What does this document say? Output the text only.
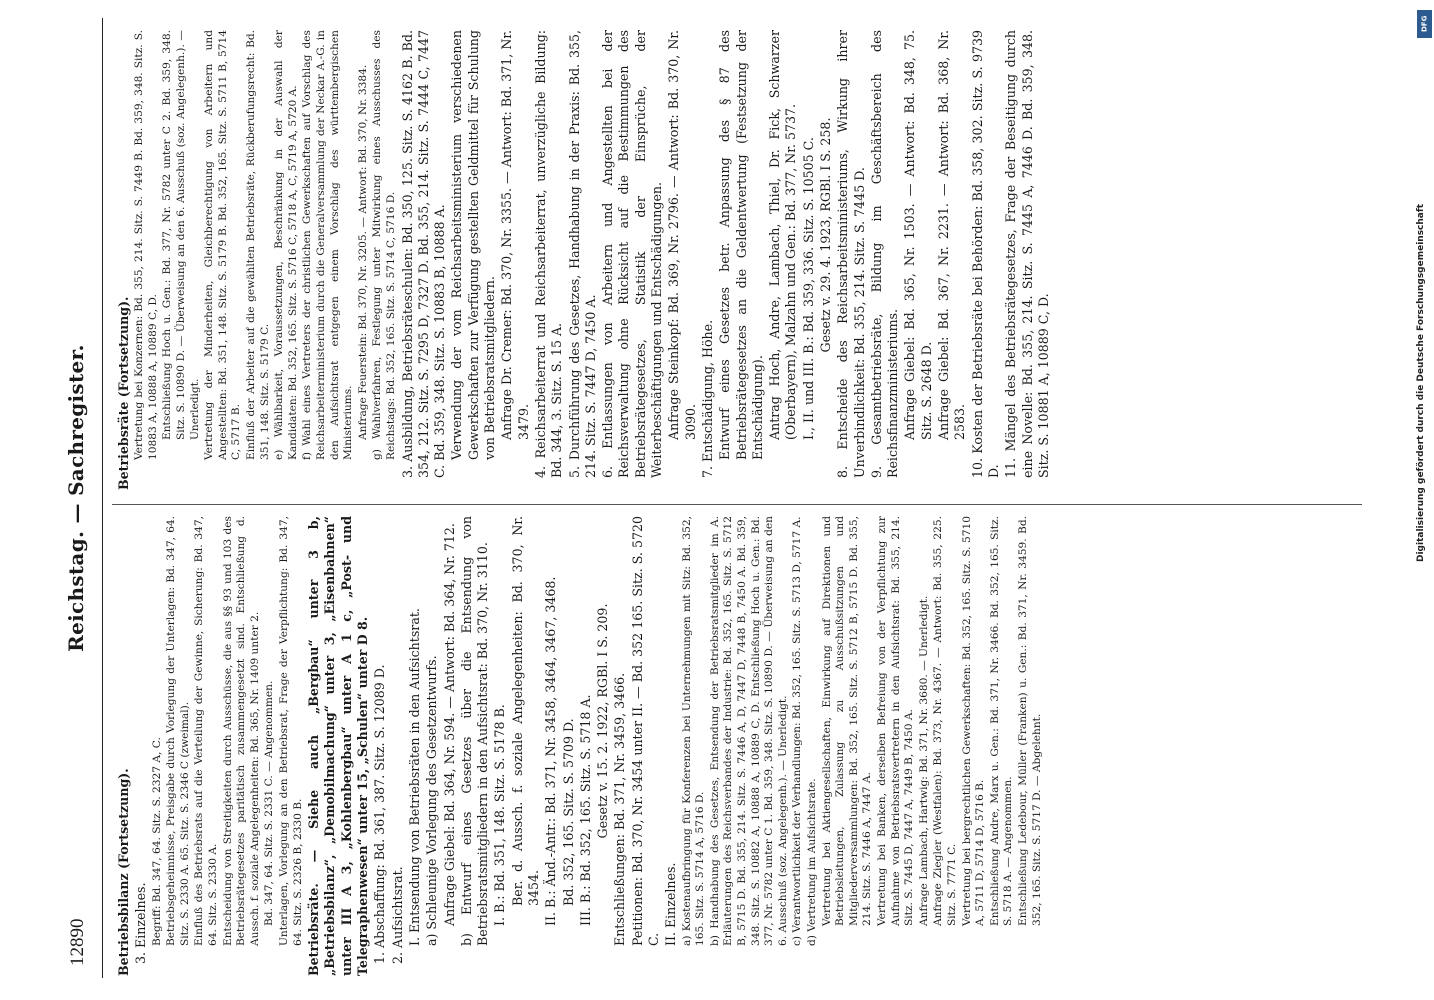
12890
Reichstag. — Sachregister.

Betriebsbilanz (Fortsetzung). 3. Einzelnes. Begriff: Bd. 347, 64. Sitz. S. 2327 A, C. Betriebsgeheimnisse, Preisgabe durch Vorlegung der Unterlagen: Bd. 347, 64. Sitz. S. 2330 A. 65. Sitz. S. 2346 C (zweimal). Einfluß des Betriebsrats auf die Verteilung der Gewinne, Sicherung: Bd. 347, 64. Sitz. S. 2330 A. Entscheidung von Streitigkeiten durch Ausschüsse, die aus §§ 93 und 103 des Betriebsrätegesetzes paritätisch zusammengesetzt sind. Entschließung d. Aussch. f. soziale Angelegenheiten: Bd. 365, Nr. 1409 unter 2. Bd. 347, 64. Sitz. S. 2331 C. — Angenommen. Unterlagen, Vorlegung an den Betriebsrat, Frage der Verpflichtung: Bd. 347, 64. Sitz. S. 2326 B, 2330 B. Betriebsräte. — Siehe auch „Bergbau“ unter 3 b, „Betriebsbilanz“, „Demobilmachung“ unter 3, „Eisenbahnen“ unter III A 3, „Kohlenbergbau“ unter A 1 c, „Post- und Telegraphenwesen“ unter 15, „Schulen“ unter D 8. 1. Abschaffung: Bd. 361, 387. Sitz. S. 12089 D. 2. Aufsichtsrat. I. Entsendung von Betriebsräten in den Aufsichtsrat. a) Schleunige Vorlegung des Gesetzentwurfs. Anfrage Giebel: Bd. 364, Nr. 594. — Antwort: Bd. 364, Nr. 712. b) Entwurf eines Gesetzes über die Entsendung von Betriebsratsmitgliedern in den Aufsichtsrat: Bd. 370, Nr. 3110. I. B.: Bd. 351, 148. Sitz. S. 5178 B. Ber. d. Aussch. f. soziale Angelegenheiten: Bd. 370, Nr. 3454. II. B.: Änd.-Antr.: Bd. 371, Nr. 3458, 3464, 3467, 3468. Bd. 352, 165. Sitz. S. 5709 D. III. B.: Bd. 352, 165. Sitz. S. 5718 A. Gesetz v. 15. 2. 1922, RGBl. I S. 209. Entschließungen: Bd. 371, Nr. 3459, 3466. Petitionen: Bd. 370, Nr. 3454 unter II. — Bd. 352 165. Sitz. S. 5720 C. II. Einzelnes. a) Kostenaufbringung für Konferenzen bei Unternehmungen mit Sitz: Bd. 352, 165. Sitz. S. 5714 A, 5716 D. b) Handhabung des Gesetzes, Entsendung der Betriebsratsmitglieder im A. Erläuterungen des Reichsverbandes der Industrie: Bd. 352, 165. Sitz. S. 5712 B, 5715 D. Bd. 355, 214. Sitz. S. 7446 A, D, 7447 D, 7448 B, 7450 A. Bd. 359, 348. Sitz. S. 10882 A, 10888 A, 10889 C, D. Entschließung Hoch u. Gen.: Bd. 377, Nr. 5782 unter C 1. Bd. 359, 348. Sitz. S. 10890 D. — Überweisung an den 6. Ausschuß (soz. Angelegenh.). — Unerledigt. c) Verantwortlichkeit der Verhandlungen: Bd. 352, 165. Sitz. S. 5713 D, 5717 A. d) Vertretung im Aufsichtsrate. Vertretung bei Aktiengesellschaften, Einwirkung auf Direktionen und Betriebsleitungen, Zulassung zu Ausschußsitzungen und Mitgliederversammlungen: Bd. 352, 165. Sitz. S. 5712 B, 5715 D. Bd. 355, 214. Sitz. S. 7446 A, 7447 A. Vertretung bei Banken, derselben Befreiung von der Verpflichtung zur Aufnahme von Betriebsratsvertretern in den Aufsichtsrat: Bd. 355, 214. Sitz. S. 7445 D, 7447 A, 7449 B, 7450 A. Anfrage Lambach, Hartwig: Bd. 371, Nr. 3680. — Unerledigt. Anfrage Ziegler (Westfalen): Bd. 373, Nr. 4367. — Antwort: Bd. 355, 225. Sitz. S. 7771 C. Vertretung bei bergrechtlichen Gewerkschaften: Bd. 352, 165. Sitz. S. 5710 A, 5711 D, 5714 D, 5716 B. Entschließung Andre, Marx u. Gen.: Bd. 371, Nr. 3466. Bd. 352, 165. Sitz. S. 5718 A. — Angenommen. Entschließung Ledebour, Müller (Franken) u. Gen.: Bd. 371, Nr. 3459. Bd. 352, 165. Sitz. S. 5717 D. — Abgelehnt.

Betriebsräte (Fortsetzung). Vertretung bei Konzernen: Bd. 355, 214. Sitz. S. 7449 B. Bd. 359, 348. Sitz. S. 10883 A, 10888 A, 10889 C, D. Entschließung Hoch u. Gen.: Bd. 377, Nr. 5782 unter C 2. Bd. 359, 348. Sitz. S. 10890 D. — Überweisung an den 6. Ausschuß (soz. Angelegenh.). — Unerledigt. Vertretung der Minderheiten, Gleichberechtigung von Arbeitern und Angestellten: Bd. 351, 148. Sitz. S. 5179 B. Bd. 352, 165. Sitz. S. 5711 B, 5714 C, 5717 B. Einfluß der Arbeiter auf die gewählten Betriebsräte, Rückberufungsrecht: Bd. 351, 148. Sitz. S. 5179 C. e) Wählbarkeit, Voraussetzungen, Beschränkung in der Auswahl der Kandidaten: Bd. 352, 165. Sitz. S. 5716 C, 5718 A, C, 5719 A, 5720 A. f) Wahl eines Vertreters der christlichen Gewerkschaften auf Vorschlag des Reichsarbeiterministerium durch die Generalversammlung der Neckar A.-G. in den Aufsichtsrat entgegen einem Vorschlag des württembergischen Ministeriums. Anfrage Feuerstein: Bd. 370, Nr. 3205. — Antwort: Bd. 370, Nr. 3384. g) Wahlverfahren, Festlegung unter Mitwirkung eines Ausschusses des Reichstags: Bd. 352, 165. Sitz. S. 5714 C, 5716 D. 3. Ausbildung, Betriebsräteschulen: Bd. 350, 125. Sitz. S. 4162 B. Bd. 354, 212. Sitz. S. 7295 D, 7327 D. Bd. 355, 214. Sitz. S. 7444 C, 7447 C. Bd. 359, 348. Sitz. S. 10883 B, 10888 A. Verwendung der vom Reichsarbeitsministerium verschiedenen Gewerkschaften zur Verfügung gestellten Geldmittel für Schulung von Betriebsratsmitgliedern. Anfrage Dr. Cremer: Bd. 370, Nr. 3355. — Antwort: Bd. 371, Nr. 3479. 4. Reichsarbeiterrat und Reichsarbeiterrat, unverzügliche Bildung: Bd. 344, 3. Sitz. S. 15 A. 5. Durchführung des Gesetzes, Handhabung in der Praxis: Bd. 355, 214. Sitz. S. 7447 D, 7450 A. 6. Entlassungen von Arbeitern und Angestellten bei der Reichsverwaltung ohne Rücksicht auf die Bestimmungen des Betriebsrätegesetzes, Statistik der Einsprüche, der Weiterbeschäftigungen und Entschädigungen. Anfrage Steinkopf: Bd. 369, Nr. 2796. — Antwort: Bd. 370, Nr. 3090. 7. Entschädigung, Höhe. Entwurf eines Gesetzes betr. Anpassung des § 87 des Betriebsrätegesetzes an die Geldentwertung (Festsetzung der Entschädigung). Antrag Hoch, Andre, Lambach, Thiel, Dr. Fick, Schwarzer (Oberbayern), Malzahn und Gen.: Bd. 377, Nr. 5737. I., II. und III. B.: Bd. 359, 336. Sitz. S. 10505 C. Gesetz v. 29. 4. 1923, RGBl. I S. 258. 8. Entscheide des Reichsarbeitsministeriums, Wirkung ihrer Unverbindlichkeit: Bd. 355, 214. Sitz. S. 7445 D. 9. Gesamtbetriebsräte, Bildung im Geschäftsbereich des Reichsfinanzministeriums. Anfrage Giebel: Bd. 365, Nr. 1503. — Antwort: Bd. 348, 75. Sitz. S. 2648 D. Anfrage Giebel: Bd. 367, Nr. 2231. — Antwort: Bd. 368, Nr. 2583. 10. Kosten der Betriebsräte bei Behörden: Bd. 358, 302. Sitz. S. 9739 D. 11. Mängel des Betriebsrätegesetzes, Frage der Beseitigung durch eine Novelle: Bd. 355, 214. Sitz. S. 7445 A, 7446 D. Bd. 359, 348. Sitz. S. 10881 A, 10889 C, D.

DFG
Digitalisierung gefördert durch die Deutsche Forschungsgemeinschaft
